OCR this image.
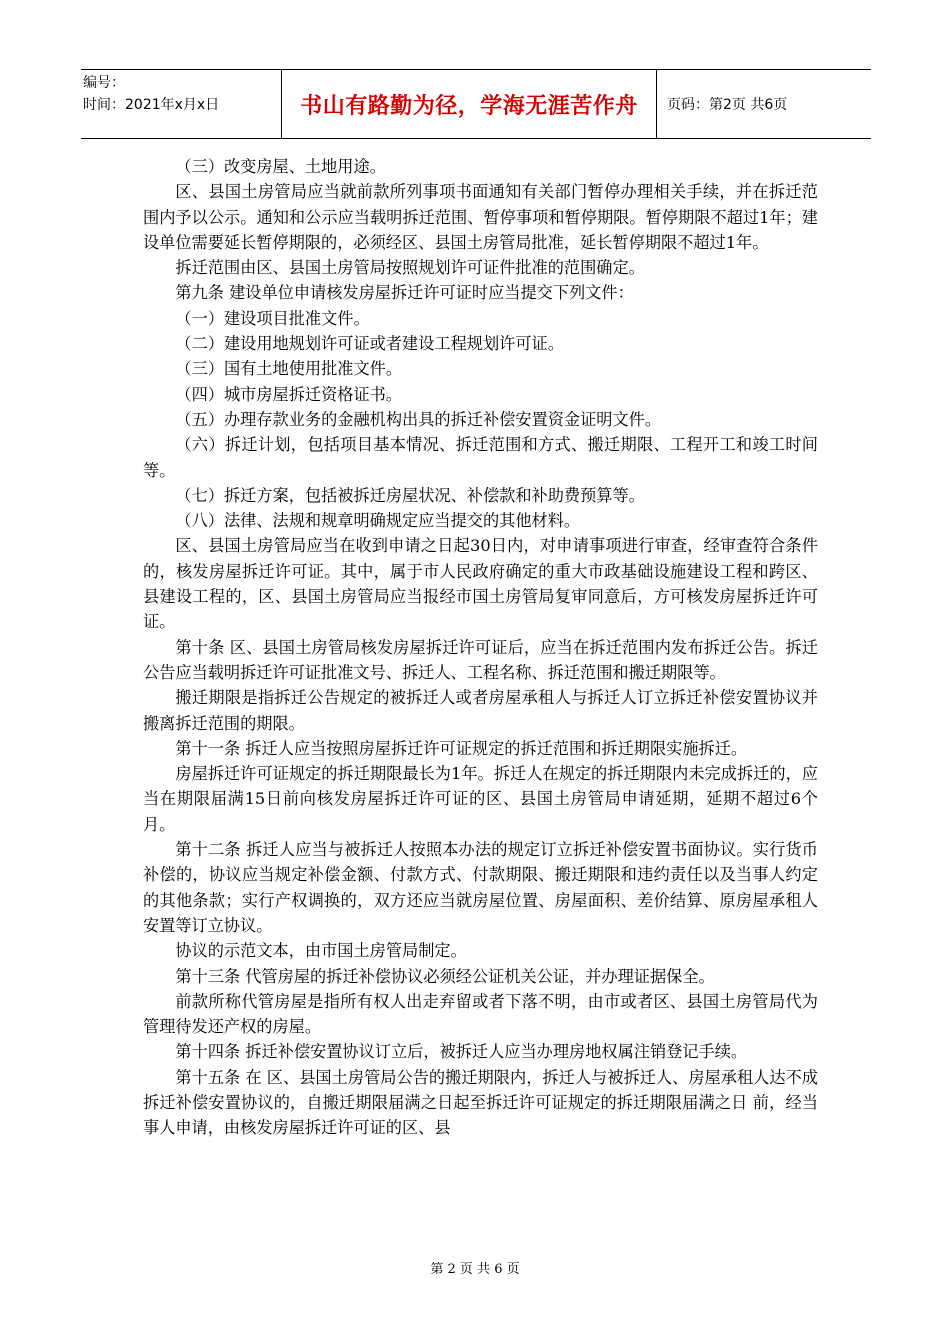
编号：
时间：2021年x月x日	书山有路勤为径，学海无涯苦作舟	页码：第2页 共6页

（三）改变房屋、土地用途。

区、县国土房管局应当就前款所列事项书面通知有关部门暂停办理相关手续，并在拆迁范围内予以公示。通知和公示应当载明拆迁范围、暂停事项和暂停期限。暂停期限不超过1年；建设单位需要延长暂停期限的，必须经区、县国土房管局批准，延长暂停期限不超过1年。

拆迁范围由区、县国土房管局按照规划许可证件批准的范围确定。

第九条 建设单位申请核发房屋拆迁许可证时应当提交下列文件：

（一）建设项目批准文件。

（二）建设用地规划许可证或者建设工程规划许可证。

（三）国有土地使用批准文件。

（四）城市房屋拆迁资格证书。

（五）办理存款业务的金融机构出具的拆迁补偿安置资金证明文件。

（六）拆迁计划，包括项目基本情况、拆迁范围和方式、搬迁期限、工程开工和竣工时间等。

（七）拆迁方案，包括被拆迁房屋状况、补偿款和补助费预算等。

（八）法律、法规和规章明确规定应当提交的其他材料。

区、县国土房管局应当在收到申请之日起30日内，对申请事项进行审查，经审查符合条件的，核发房屋拆迁许可证。其中，属于市人民政府确定的重大市政基础设施建设工程和跨区、县建设工程的，区、县国土房管局应当报经市国土房管局复审同意后，方可核发房屋拆迁许可证。

第十条 区、县国土房管局核发房屋拆迁许可证后，应当在拆迁范围内发布拆迁公告。拆迁公告应当载明拆迁许可证批准文号、拆迁人、工程名称、拆迁范围和搬迁期限等。

搬迁期限是指拆迁公告规定的被拆迁人或者房屋承租人与拆迁人订立拆迁补偿安置协议并搬离拆迁范围的期限。

第十一条 拆迁人应当按照房屋拆迁许可证规定的拆迁范围和拆迁期限实施拆迁。

房屋拆迁许可证规定的拆迁期限最长为1年。拆迁人在规定的拆迁期限内未完成拆迁的，应当在期限届满15日前向核发房屋拆迁许可证的区、县国土房管局申请延期，延期不超过6个月。

第十二条 拆迁人应当与被拆迁人按照本办法的规定订立拆迁补偿安置书面协议。实行货币补偿的，协议应当规定补偿金额、付款方式、付款期限、搬迁期限和违约责任以及当事人约定的其他条款；实行产权调换的，双方还应当就房屋位置、房屋面积、差价结算、原房屋承租人安置等订立协议。

协议的示范文本，由市国土房管局制定。

第十三条 代管房屋的拆迁补偿协议必须经公证机关公证，并办理证据保全。

前款所称代管房屋是指所有权人出走弃留或者下落不明，由市或者区、县国土房管局代为管理待发还产权的房屋。

第十四条 拆迁补偿安置协议订立后，被拆迁人应当办理房地权属注销登记手续。

第十五条 在 区、县国土房管局公告的搬迁期限内，拆迁人与被拆迁人、房屋承租人达不成拆迁补偿安置协议的，自搬迁期限届满之日起至拆迁许可证规定的拆迁期限届满之日 前，经当事人申请，由核发房屋拆迁许可证的区、县

第 2 页 共 6 页
